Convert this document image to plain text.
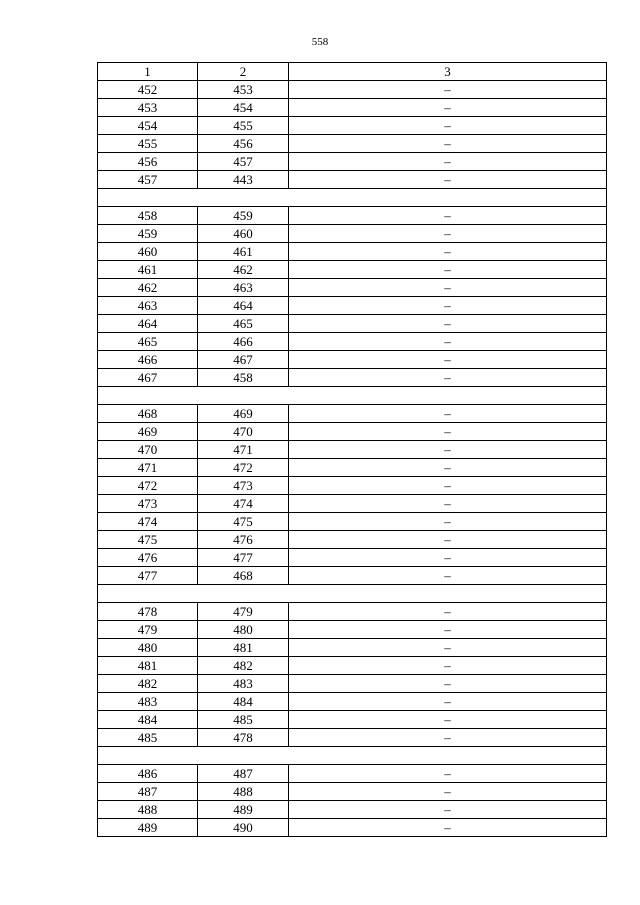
558
1	2	3
452	453	–
453	454	–
454	455	–
455	456	–
456	457	–
457	443	–

458	459	–
459	460	–
460	461	–
461	462	–
462	463	–
463	464	–
464	465	–
465	466	–
466	467	–
467	458	–

468	469	–
469	470	–
470	471	–
471	472	–
472	473	–
473	474	–
474	475	–
475	476	–
476	477	–
477	468	–

478	479	–
479	480	–
480	481	–
481	482	–
482	483	–
483	484	–
484	485	–
485	478	–

486	487	–
487	488	–
488	489	–
489	490	–
